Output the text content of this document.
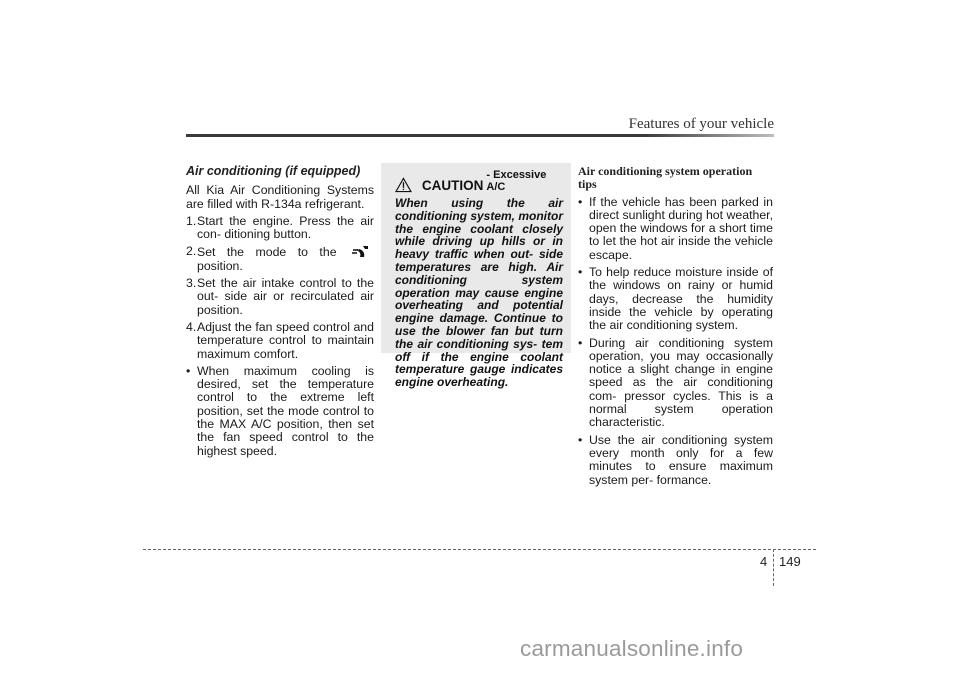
Features of your vehicle
Air conditioning (if equipped)
All Kia Air Conditioning Systems are filled with R-134a refrigerant.
1. Start the engine. Press the air con- ditioning button.
2. Set the mode to the  position.
3. Set the air intake control to the out- side air or recirculated air position.
4. Adjust the fan speed control and temperature control to maintain maximum comfort.
• When maximum cooling is desired, set the temperature control to the extreme left position, set the mode control to the MAX A/C position, then set the fan speed control to the highest speed.
CAUTION
- Excessive A/C
When using the air conditioning system, monitor the engine coolant closely while driving up hills or in heavy traffic when out- side temperatures are high. Air conditioning system operation may cause engine overheating and potential engine damage. Continue to use the blower fan but turn the air conditioning sys- tem off if the engine coolant temperature gauge indicates engine overheating.
Air conditioning system operation tips
• If the vehicle has been parked in direct sunlight during hot weather, open the windows for a short time to let the hot air inside the vehicle escape.
• To help reduce moisture inside of the windows on rainy or humid days, decrease the humidity inside the vehicle by operating the air conditioning system.
• During air conditioning system operation, you may occasionally notice a slight change in engine speed as the air conditioning com- pressor cycles. This is a normal system operation characteristic.
• Use the air conditioning system every month only for a few minutes to ensure maximum system per- formance.
4 149
carmanualsonline.info
